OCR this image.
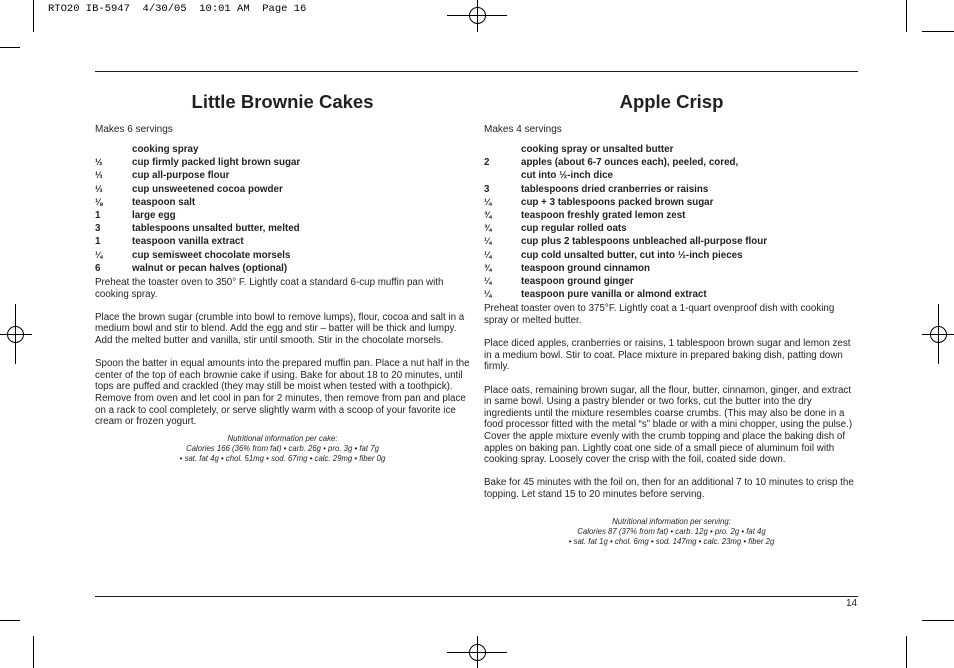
RTO20 IB-5947  4/30/05  10:01 AM  Page 16
Little Brownie Cakes
Makes 6 servings
cooking spray
½	cup firmly packed light brown sugar
⅓	cup all-purpose flour
⅓	cup unsweetened cocoa powder
⅛	teaspoon salt
1	large egg
3	tablespoons unsalted butter, melted
1	teaspoon vanilla extract
¼	cup semisweet chocolate morsels
6	walnut or pecan halves (optional)

Preheat the toaster oven to 350° F. Lightly coat a standard 6-cup muffin pan with cooking spray.

Place the brown sugar (crumble into bowl to remove lumps), flour, cocoa and salt in a medium bowl and stir to blend. Add the egg and stir – batter will be thick and lumpy. Add the melted butter and vanilla, stir until smooth. Stir in the chocolate morsels.

Spoon the batter in equal amounts into the prepared muffin pan. Place a nut half in the center of the top of each brownie cake if using. Bake for about 18 to 20 minutes, until tops are puffed and crackled (they may still be moist when tested with a toothpick). Remove from oven and let cool in pan for 2 minutes, then remove from pan and place on a rack to cool completely, or serve slightly warm with a scoop of your favorite ice cream or frozen yogurt.

Nutritional information per cake:
Calories 166 (36% from fat) • carb. 26g • pro. 3g • fat 7g
• sat. fat 4g • chol. 51mg • sod. 67mg • calc. 29mg • fiber 0g
Apple Crisp
Makes 4 servings
cooking spray or unsalted butter
2	apples (about 6-7 ounces each), peeled, cored,
cut into ½-inch dice
3	tablespoons dried cranberries or raisins
¼	cup + 3 tablespoons packed brown sugar
¾	teaspoon freshly grated lemon zest
¾	cup regular rolled oats
¼	cup plus 2 tablespoons unbleached all-purpose flour
¼	cup cold unsalted butter, cut into ½-inch pieces
¾	teaspoon ground cinnamon
¼	teaspoon ground ginger
¼	teaspoon pure vanilla or almond extract

Preheat toaster oven to 375°F. Lightly coat a 1-quart ovenproof dish with cooking spray or melted butter.

Place diced apples, cranberries or raisins, 1 tablespoon brown sugar and lemon zest in a medium bowl. Stir to coat. Place mixture in prepared baking dish, patting down firmly.

Place oats, remaining brown sugar, all the flour, butter, cinnamon, ginger, and extract in same bowl. Using a pastry blender or two forks, cut the butter into the dry ingredients until the mixture resembles coarse crumbs. (This may also be done in a food processor fitted with the metal “s” blade or with a mini chopper, using the pulse.) Cover the apple mixture evenly with the crumb topping and place the baking dish of apples on baking pan. Lightly coat one side of a small piece of aluminum foil with cooking spray. Loosely cover the crisp with the foil, coated side down.

Bake for 45 minutes with the foil on, then for an additional 7 to 10 minutes to crisp the topping. Let stand 15 to 20 minutes before serving.

Nutritional information per serving:
Calories 87 (37% from fat) • carb. 12g • pro. 2g • fat 4g
• sat. fat 1g • chol. 6mg • sod. 147mg • calc. 23mg • fiber 2g
14
